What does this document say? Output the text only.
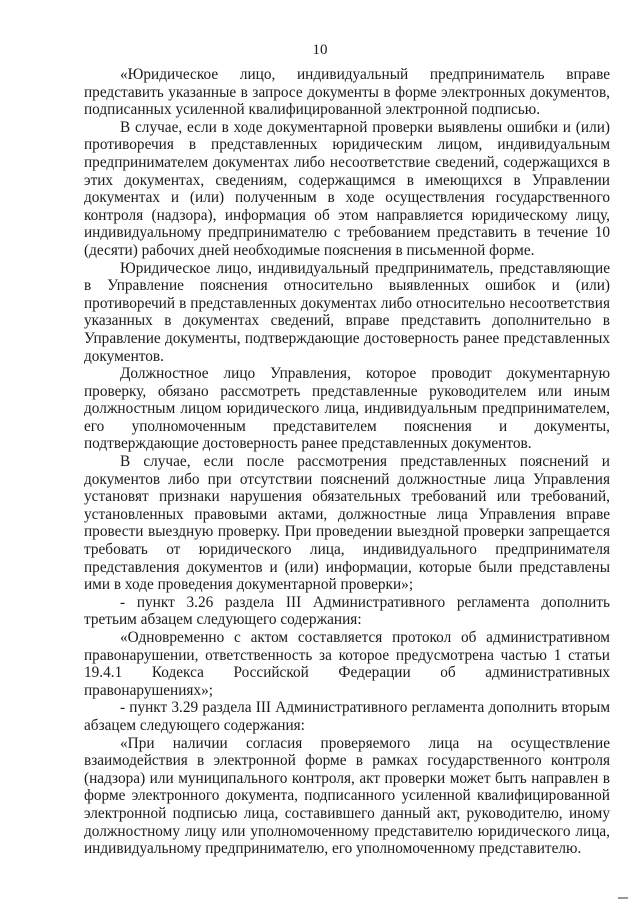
10

«Юридическое лицо, индивидуальный предприниматель вправе представить указанные в запросе документы в форме электронных документов, подписанных усиленной квалифицированной электронной подписью.

В случае, если в ходе документарной проверки выявлены ошибки и (или) противоречия в представленных юридическим лицом, индивидуальным предпринимателем документах либо несоответствие сведений, содержащихся в этих документах, сведениям, содержащимся в имеющихся в Управлении документах и (или) полученным в ходе осуществления государственного контроля (надзора), информация об этом направляется юридическому лицу, индивидуальному предпринимателю с требованием представить в течение 10 (десяти) рабочих дней необходимые пояснения в письменной форме.

Юридическое лицо, индивидуальный предприниматель, представляющие в Управление пояснения относительно выявленных ошибок и (или) противоречий в представленных документах либо относительно несоответствия указанных в документах сведений, вправе представить дополнительно в Управление документы, подтверждающие достоверность ранее представленных документов.

Должностное лицо Управления, которое проводит документарную проверку, обязано рассмотреть представленные руководителем или иным должностным лицом юридического лица, индивидуальным предпринимателем, его уполномоченным представителем пояснения и документы, подтверждающие достоверность ранее представленных документов.

В случае, если после рассмотрения представленных пояснений и документов либо при отсутствии пояснений должностные лица Управления установят признаки нарушения обязательных требований или требований, установленных правовыми актами, должностные лица Управления вправе провести выездную проверку. При проведении выездной проверки запрещается требовать от юридического лица, индивидуального предпринимателя представления документов и (или) информации, которые были представлены ими в ходе проведения документарной проверки»;

- пункт 3.26 раздела III Административного регламента дополнить третьим абзацем следующего содержания:

«Одновременно с актом составляется протокол об административном правонарушении, ответственность за которое предусмотрена частью 1 статьи 19.4.1 Кодекса Российской Федерации об административных правонарушениях»;

- пункт 3.29 раздела III Административного регламента дополнить вторым абзацем следующего содержания:

«При наличии согласия проверяемого лица на осуществление взаимодействия в электронной форме в рамках государственного контроля (надзора) или муниципального контроля, акт проверки может быть направлен в форме электронного документа, подписанного усиленной квалифицированной электронной подписью лица, составившего данный акт, руководителю, иному должностному лицу или уполномоченному представителю юридического лица, индивидуальному предпринимателю, его уполномоченному представителю.
